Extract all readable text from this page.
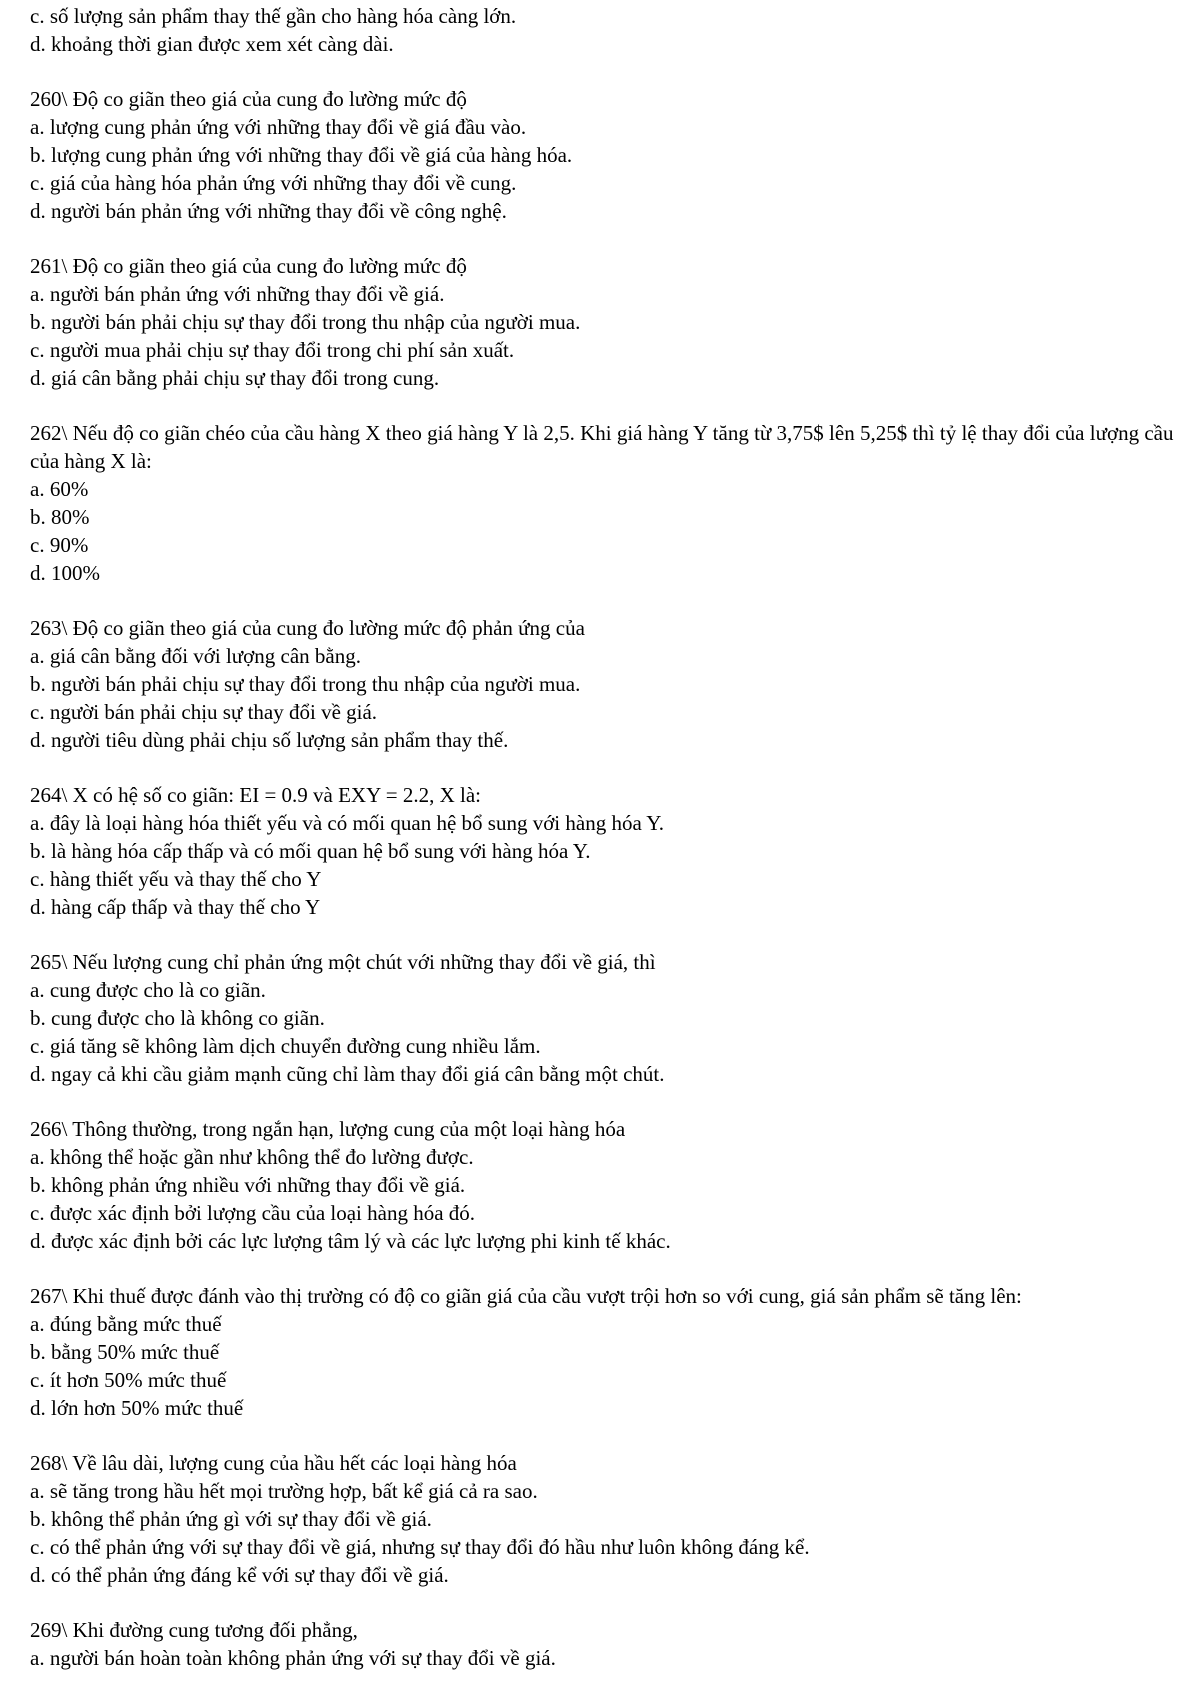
c. số lượng sản phẩm thay thế gần cho hàng hóa càng lớn.
d. khoảng thời gian được xem xét càng dài.
260\ Độ co giãn theo giá của cung đo lường mức độ
a. lượng cung phản ứng với những thay đổi về giá đầu vào.
b. lượng cung phản ứng với những thay đổi về giá của hàng hóa.
c. giá của hàng hóa phản ứng với những thay đổi về cung.
d. người bán phản ứng với những thay đổi về công nghệ.
261\ Độ co giãn theo giá của cung đo lường mức độ
a. người bán phản ứng với những thay đổi về giá.
b. người bán phải chịu sự thay đổi trong thu nhập của người mua.
c. người mua phải chịu sự thay đổi trong chi phí sản xuất.
d. giá cân bằng phải chịu sự thay đổi trong cung.
262\ Nếu độ co giãn chéo của cầu hàng X theo giá hàng Y là 2,5. Khi giá hàng Y tăng từ 3,75$ lên 5,25$ thì tỷ lệ thay đổi của lượng cầu của hàng X là:
a. 60%
b. 80%
c. 90%
d. 100%
263\ Độ co giãn theo giá của cung đo lường mức độ phản ứng của
a. giá cân bằng đối với lượng cân bằng.
b. người bán phải chịu sự thay đổi trong thu nhập của người mua.
c. người bán phải chịu sự thay đổi về giá.
d. người tiêu dùng phải chịu số lượng sản phẩm thay thế.
264\ X có hệ số co giãn: EI = 0.9 và EXY = 2.2, X là:
a. đây là loại hàng hóa thiết yếu và có mối quan hệ bổ sung với hàng hóa Y.
b. là hàng hóa cấp thấp và có mối quan hệ bổ sung với hàng hóa Y.
c. hàng thiết yếu và thay thế cho Y
d. hàng cấp thấp và thay thế cho Y
265\ Nếu lượng cung chỉ phản ứng một chút với những thay đổi về giá, thì
a. cung được cho là co giãn.
b. cung được cho là không co giãn.
c. giá tăng sẽ không làm dịch chuyển đường cung nhiều lắm.
d. ngay cả khi cầu giảm mạnh cũng chỉ làm thay đổi giá cân bằng một chút.
266\ Thông thường, trong ngắn hạn, lượng cung của một loại hàng hóa
a. không thể hoặc gần như không thể đo lường được.
b. không phản ứng nhiều với những thay đổi về giá.
c. được xác định bởi lượng cầu của loại hàng hóa đó.
d. được xác định bởi các lực lượng tâm lý và các lực lượng phi kinh tế khác.
267\ Khi thuế được đánh vào thị trường có độ co giãn giá của cầu vượt trội hơn so với cung, giá sản phẩm sẽ tăng lên:
a. đúng bằng mức thuế
b. bằng 50% mức thuế
c. ít hơn 50% mức thuế
d. lớn hơn 50% mức thuế
268\ Về lâu dài, lượng cung của hầu hết các loại hàng hóa
a. sẽ tăng trong hầu hết mọi trường hợp, bất kể giá cả ra sao.
b. không thể phản ứng gì với sự thay đổi về giá.
c. có thể phản ứng với sự thay đổi về giá, nhưng sự thay đổi đó hầu như luôn không đáng kể.
d. có thể phản ứng đáng kể với sự thay đổi về giá.
269\ Khi đường cung tương đối phẳng,
a. người bán hoàn toàn không phản ứng với sự thay đổi về giá.
